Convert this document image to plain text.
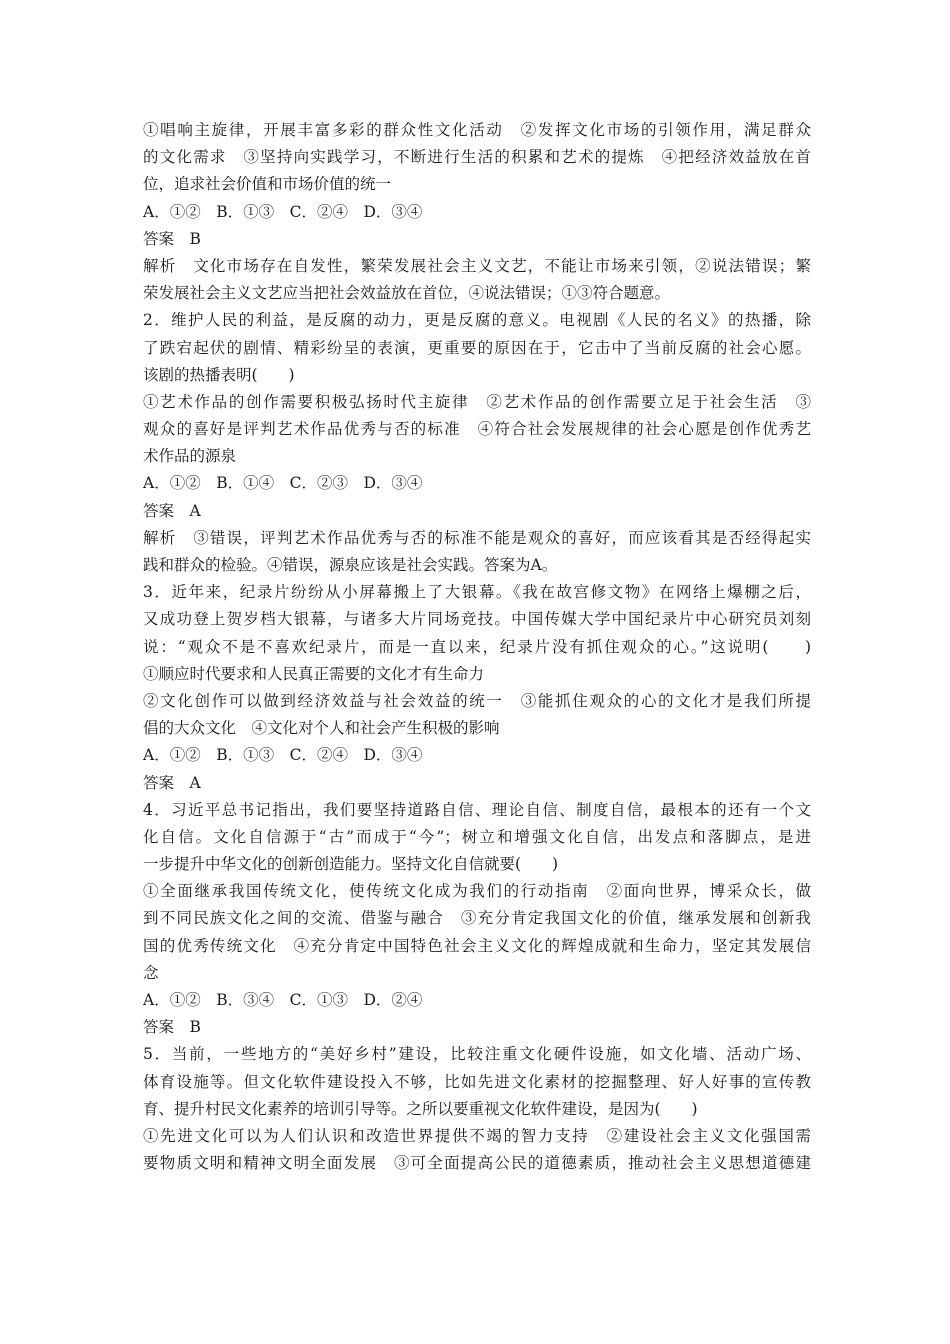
①唱响主旋律，开展丰富多彩的群众性文化活动　②发挥文化市场的引领作用，满足群众
的文化需求　③坚持向实践学习，不断进行生活的积累和艺术的提炼　④把经济效益放在首
位，追求社会价值和市场价值的统一
A．①②　B．①③　C．②④　D．③④
答案　B
解析　文化市场存在自发性，繁荣发展社会主义文艺，不能让市场来引领，②说法错误；繁
荣发展社会主义文艺应当把社会效益放在首位，④说法错误；①③符合题意。
2．维护人民的利益，是反腐的动力，更是反腐的意义。电视剧《人民的名义》的热播，除
了跌宕起伏的剧情、精彩纷呈的表演，更重要的原因在于，它击中了当前反腐的社会心愿。
该剧的热播表明(　　)
①艺术作品的创作需要积极弘扬时代主旋律　②艺术作品的创作需要立足于社会生活　③
观众的喜好是评判艺术作品优秀与否的标准　④符合社会发展规律的社会心愿是创作优秀艺
术作品的源泉
A．①②　B．①④　C．②③　D．③④
答案　A
解析　③错误，评判艺术作品优秀与否的标准不能是观众的喜好，而应该看其是否经得起实
践和群众的检验。④错误，源泉应该是社会实践。答案为A。
3．近年来，纪录片纷纷从小屏幕搬上了大银幕。《我在故宫修文物》在网络上爆棚之后，
又成功登上贺岁档大银幕，与诸多大片同场竞技。中国传媒大学中国纪录片中心研究员刘刻
说：“观众不是不喜欢纪录片，而是一直以来，纪录片没有抓住观众的心。”这说明(　　)
①顺应时代要求和人民真正需要的文化才有生命力
②文化创作可以做到经济效益与社会效益的统一　③能抓住观众的心的文化才是我们所提
倡的大众文化　④文化对个人和社会产生积极的影响
A．①②　B．①③　C．②④　D．③④
答案　A
4．习近平总书记指出，我们要坚持道路自信、理论自信、制度自信，最根本的还有一个文
化自信。文化自信源于“古”而成于“今”；树立和增强文化自信，出发点和落脚点，是进
一步提升中华文化的创新创造能力。坚持文化自信就要(　　)
①全面继承我国传统文化，使传统文化成为我们的行动指南　②面向世界，博采众长，做
到不同民族文化之间的交流、借鉴与融合　③充分肯定我国文化的价值，继承发展和创新我
国的优秀传统文化　④充分肯定中国特色社会主义文化的辉煌成就和生命力，坚定其发展信
念
A．①②　B．③④　C．①③　D．②④
答案　B
5．当前，一些地方的“美好乡村”建设，比较注重文化硬件设施，如文化墙、活动广场、
体育设施等。但文化软件建设投入不够，比如先进文化素材的挖掘整理、好人好事的宣传教
育、提升村民文化素养的培训引导等。之所以要重视文化软件建设，是因为(　　)
①先进文化可以为人们认识和改造世界提供不竭的智力支持　②建设社会主义文化强国需
要物质文明和精神文明全面发展　③可全面提高公民的道德素质，推动社会主义思想道德建
